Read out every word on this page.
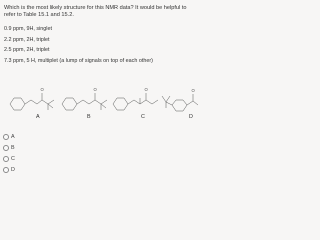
Which is the most likely structure for this NMR data? It would be helpful to refer to Table 15.1 and 15.2.
0.9 ppm, 9H, singlet
2.2 ppm, 2H, triplet
2.5 ppm, 2H, triplet
7.3 ppm, 5 H, multiplet (a lump of signals on top of each other)
O	O	O	O
A	B	C	D
A
B
C
D
